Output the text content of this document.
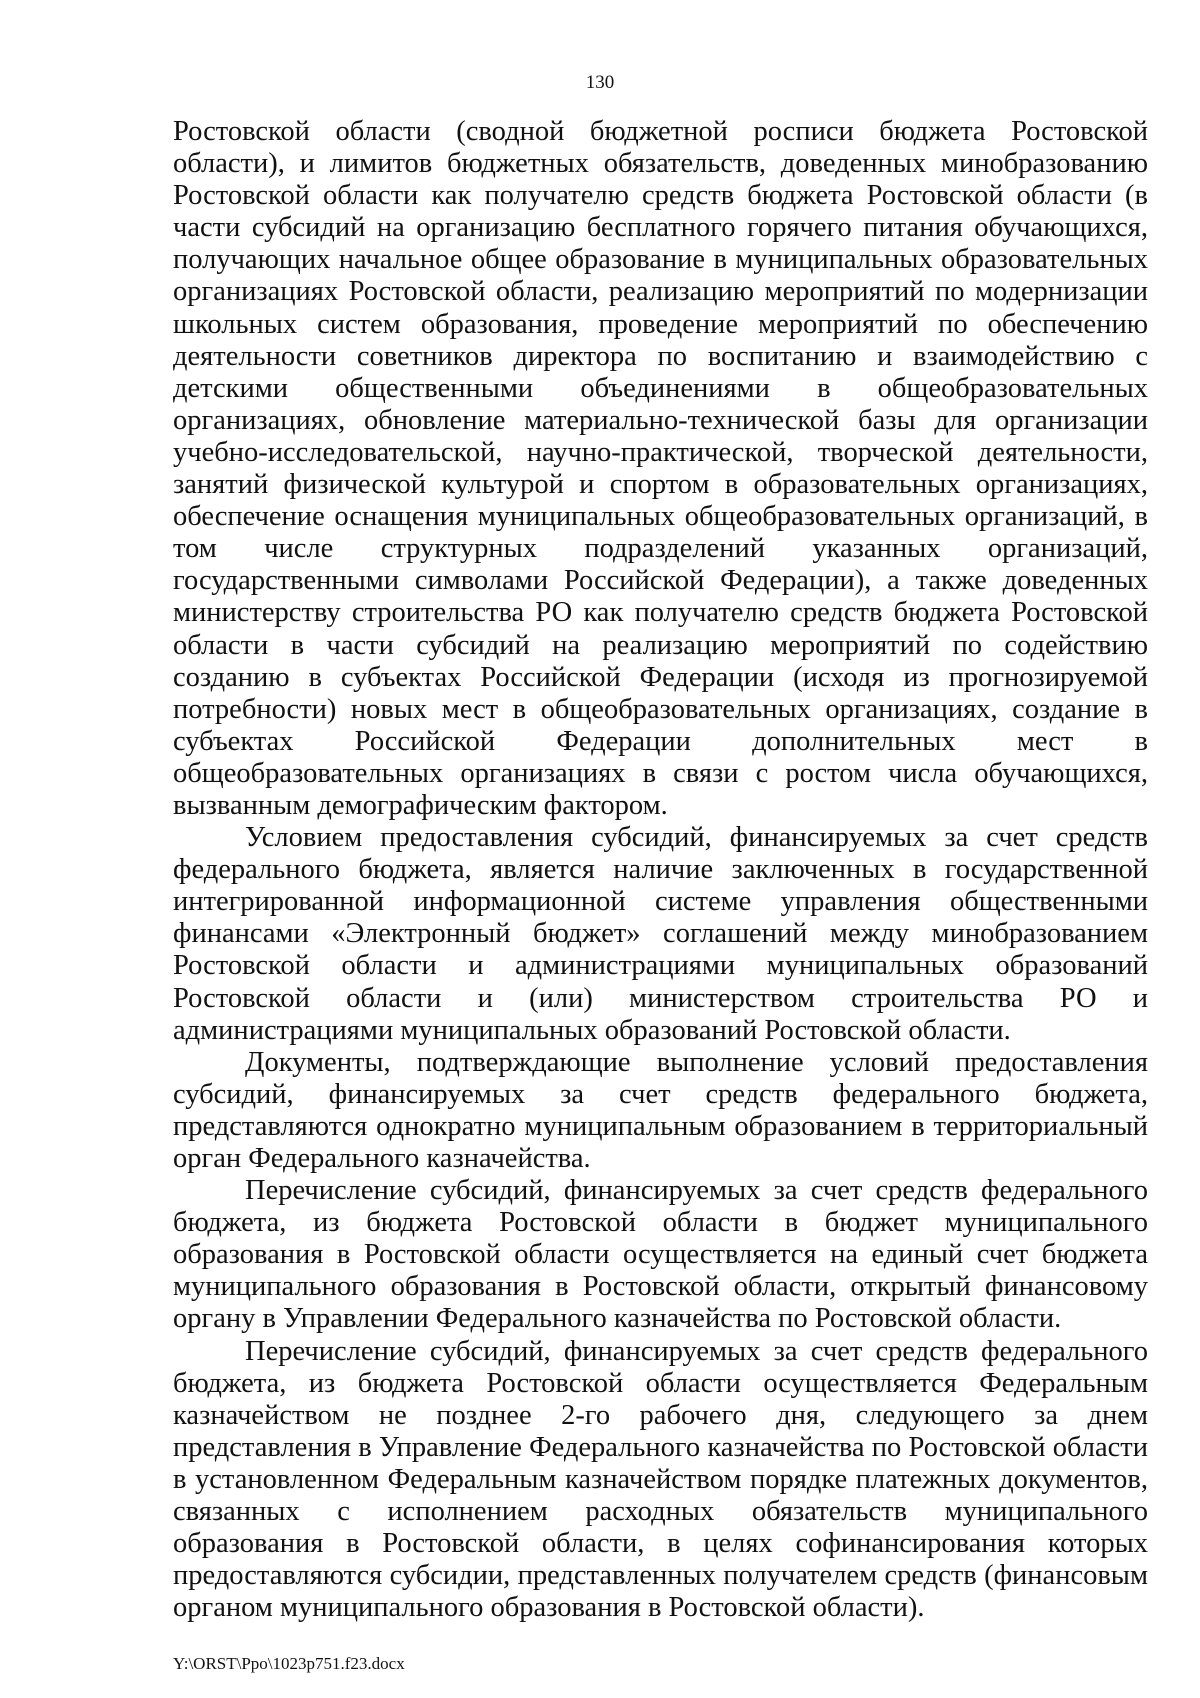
130

Ростовской области (сводной бюджетной росписи бюджета Ростовской области), и лимитов бюджетных обязательств, доведенных минобразованию Ростовской области как получателю средств бюджета Ростовской области (в части субсидий на организацию бесплатного горячего питания обучающихся, получающих начальное общее образование в муниципальных образовательных организациях Ростовской области, реализацию мероприятий по модернизации школьных систем образования, проведение мероприятий по обеспечению деятельности советников директора по воспитанию и взаимодействию с детскими общественными объединениями в общеобразовательных организациях, обновление материально-технической базы для организации учебно-исследовательской, научно-практической, творческой деятельности, занятий физической культурой и спортом в образовательных организациях, обеспечение оснащения муниципальных общеобразовательных организаций, в том числе структурных подразделений указанных организаций, государственными символами Российской Федерации), а также доведенных министерству строительства РО как получателю средств бюджета Ростовской области в части субсидий на реализацию мероприятий по содействию созданию в субъектах Российской Федерации (исходя из прогнозируемой потребности) новых мест в общеобразовательных организациях, создание в субъектах Российской Федерации дополнительных мест в общеобразовательных организациях в связи с ростом числа обучающихся, вызванным демографическим фактором.

Условием предоставления субсидий, финансируемых за счет средств федерального бюджета, является наличие заключенных в государственной интегрированной информационной системе управления общественными финансами «Электронный бюджет» соглашений между минобразованием Ростовской области и администрациями муниципальных образований Ростовской области и (или) министерством строительства РО и администрациями муниципальных образований Ростовской области.

Документы, подтверждающие выполнение условий предоставления субсидий, финансируемых за счет средств федерального бюджета, представляются однократно муниципальным образованием в территориальный орган Федерального казначейства.

Перечисление субсидий, финансируемых за счет средств федерального бюджета, из бюджета Ростовской области в бюджет муниципального образования в Ростовской области осуществляется на единый счет бюджета муниципального образования в Ростовской области, открытый финансовому органу в Управлении Федерального казначейства по Ростовской области.

Перечисление субсидий, финансируемых за счет средств федерального бюджета, из бюджета Ростовской области осуществляется Федеральным казначейством не позднее 2-го рабочего дня, следующего за днем представления в Управление Федерального казначейства по Ростовской области в установленном Федеральным казначейством порядке платежных документов, связанных с исполнением расходных обязательств муниципального образования в Ростовской области, в целях софинансирования которых предоставляются субсидии, представленных получателем средств (финансовым органом муниципального образования в Ростовской области).

Y:\ORST\Ppo\1023p751.f23.docx
